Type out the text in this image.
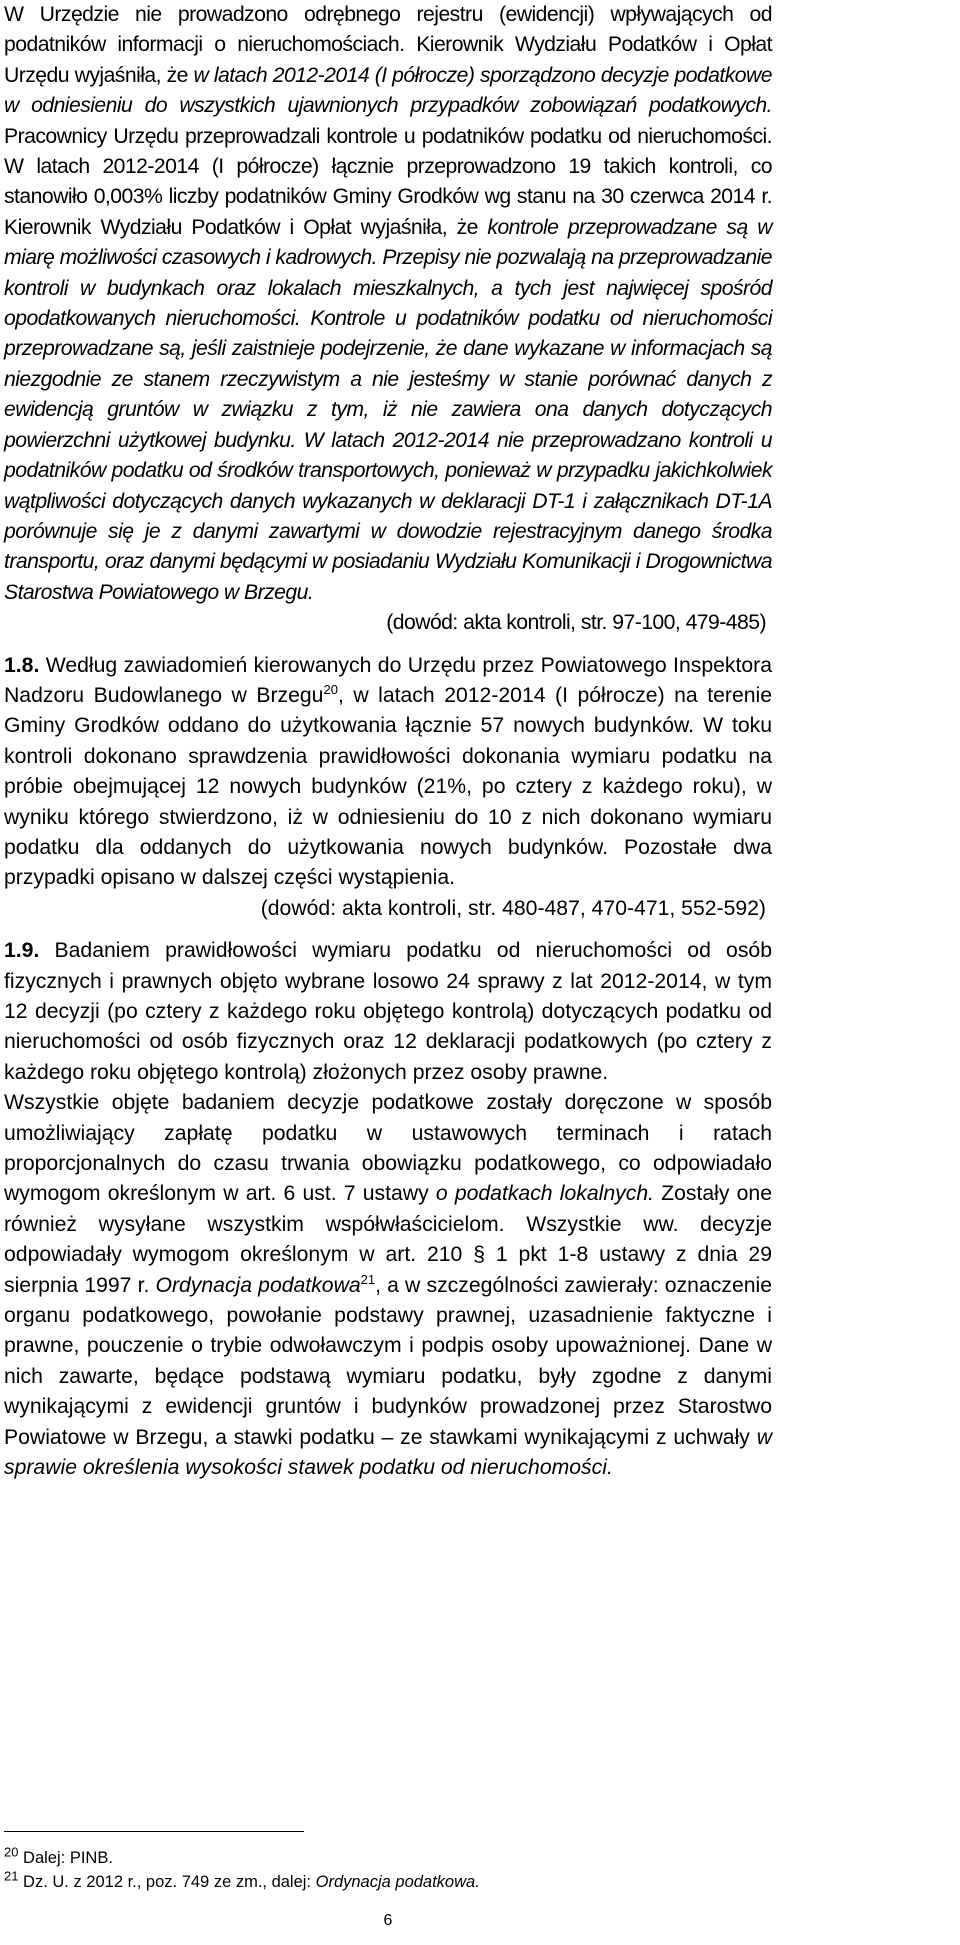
W Urzędzie nie prowadzono odrębnego rejestru (ewidencji) wpływających od podatników informacji o nieruchomościach. Kierownik Wydziału Podatków i Opłat Urzędu wyjaśniła, że w latach 2012-2014 (I półrocze) sporządzono decyzje podatkowe w odniesieniu do wszystkich ujawnionych przypadków zobowiązań podatkowych. Pracownicy Urzędu przeprowadzali kontrole u podatników podatku od nieruchomości. W latach 2012-2014 (I półrocze) łącznie przeprowadzono 19 takich kontroli, co stanowiło 0,003% liczby podatników Gminy Grodków wg stanu na 30 czerwca 2014 r. Kierownik Wydziału Podatków i Opłat wyjaśniła, że kontrole przeprowadzane są w miarę możliwości czasowych i kadrowych. Przepisy nie pozwalają na przeprowadzanie kontroli w budynkach oraz lokalach mieszkalnych, a tych jest najwięcej spośród opodatkowanych nieruchomości. Kontrole u podatników podatku od nieruchomości przeprowadzane są, jeśli zaistnieje podejrzenie, że dane wykazane w informacjach są niezgodnie ze stanem rzeczywistym a nie jesteśmy w stanie porównać danych z ewidencją gruntów w związku z tym, iż nie zawiera ona danych dotyczących powierzchni użytkowej budynku. W latach 2012-2014 nie przeprowadzano kontroli u podatników podatku od środków transportowych, ponieważ w przypadku jakichkolwiek wątpliwości dotyczących danych wykazanych w deklaracji DT-1 i załącznikach DT-1A porównuje się je z danymi zawartymi w dowodzie rejestracyjnym danego środka transportu, oraz danymi będącymi w posiadaniu Wydziału Komunikacji i Drogownictwa Starostwa Powiatowego w Brzegu.

(dowód: akta kontroli, str. 97-100, 479-485)

1.8. Według zawiadomień kierowanych do Urzędu przez Powiatowego Inspektora Nadzoru Budowlanego w Brzegu$^{20}$, w latach 2012-2014 (I półrocze) na terenie Gminy Grodków oddano do użytkowania łącznie 57 nowych budynków. W toku kontroli dokonano sprawdzenia prawidłowości dokonania wymiaru podatku na próbie obejmującej 12 nowych budynków (21%, po cztery z każdego roku), w wyniku którego stwierdzono, iż w odniesieniu do 10 z nich dokonano wymiaru podatku dla oddanych do użytkowania nowych budynków. Pozostałe dwa przypadki opisano w dalszej części wystąpienia.

(dowód: akta kontroli, str. 480-487, 470-471, 552-592)

1.9. Badaniem prawidłowości wymiaru podatku od nieruchomości od osób fizycznych i prawnych objęto wybrane losowo 24 sprawy z lat 2012-2014, w tym 12 decyzji (po cztery z każdego roku objętego kontrolą) dotyczących podatku od nieruchomości od osób fizycznych oraz 12 deklaracji podatkowych (po cztery z każdego roku objętego kontrolą) złożonych przez osoby prawne.

Wszystkie objęte badaniem decyzje podatkowe zostały doręczone w sposób umożliwiający zapłatę podatku w ustawowych terminach i ratach proporcjonalnych do czasu trwania obowiązku podatkowego, co odpowiadało wymogom określonym w art. 6 ust. 7 ustawy o podatkach lokalnych. Zostały one również wysyłane wszystkim współwłaścicielom. Wszystkie ww. decyzje odpowiadały wymogom określonym w art. 210 § 1 pkt 1-8 ustawy z dnia 29 sierpnia 1997 r. Ordynacja podatkowa$^{21}$, a w szczególności zawierały: oznaczenie organu podatkowego, powołanie podstawy prawnej, uzasadnienie faktyczne i prawne, pouczenie o trybie odwoławczym i podpis osoby upoważnionej. Dane w nich zawarte, będące podstawą wymiaru podatku, były zgodne z danymi wynikającymi z ewidencji gruntów i budynków prowadzonej przez Starostwo Powiatowe w Brzegu, a stawki podatku – ze stawkami wynikającymi z uchwały w sprawie określenia wysokości stawek podatku od nieruchomości.

$^{20}$ Dalej: PINB.
$^{21}$ Dz. U. z 2012 r., poz. 749 ze zm., dalej: Ordynacja podatkowa.
6
